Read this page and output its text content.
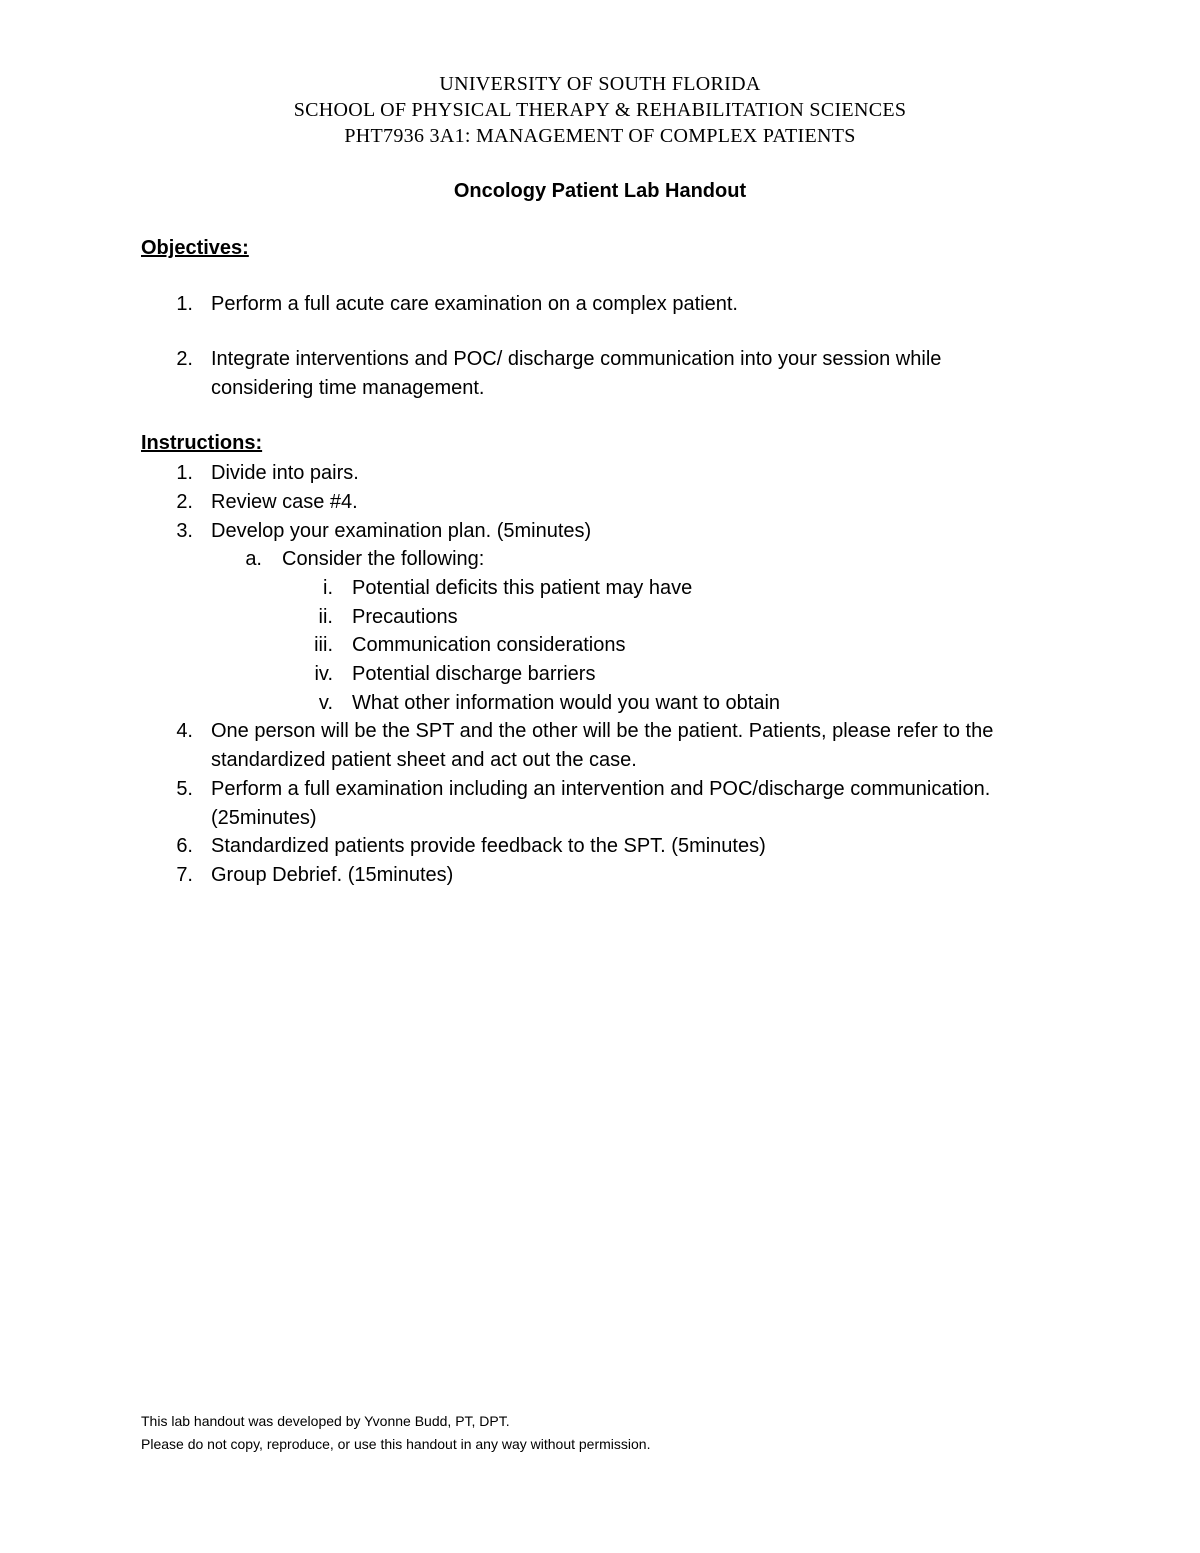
UNIVERSITY OF SOUTH FLORIDA
SCHOOL OF PHYSICAL THERAPY & REHABILITATION SCIENCES
PHT7936 3A1: MANAGEMENT OF COMPLEX PATIENTS
Oncology Patient Lab Handout
Objectives:
1. Perform a full acute care examination on a complex patient.
2. Integrate interventions and POC/ discharge communication into your session while
considering time management.
Instructions:
1. Divide into pairs.
2. Review case #4.
3. Develop your examination plan. (5minutes)
a. Consider the following:
i. Potential deficits this patient may have
ii. Precautions
iii. Communication considerations
iv. Potential discharge barriers
v. What other information would you want to obtain
4. One person will be the SPT and the other will be the patient. Patients, please refer to the
standardized patient sheet and act out the case.
5. Perform a full examination including an intervention and POC/discharge communication.
(25minutes)
6. Standardized patients provide feedback to the SPT. (5minutes)
7. Group Debrief. (15minutes)
This lab handout was developed by Yvonne Budd, PT, DPT.
Please do not copy, reproduce, or use this handout in any way without permission.
